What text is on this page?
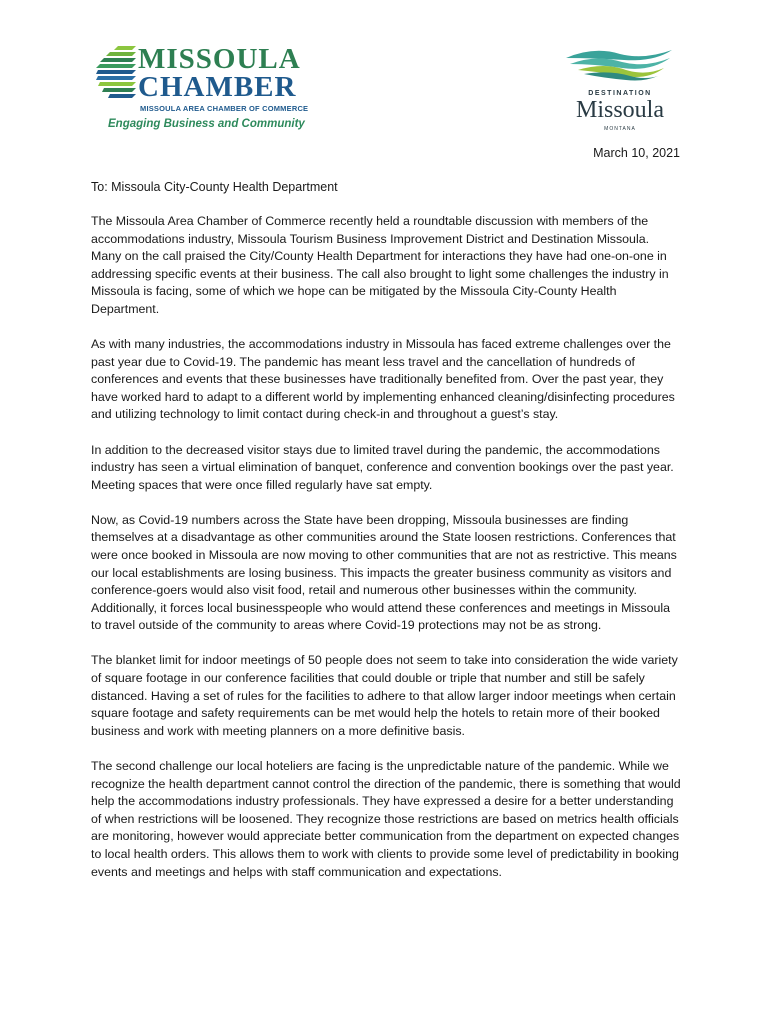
MISSOULA
CHAMBER
MISSOULA AREA CHAMBER OF COMMERCE
Engaging Business and Community
DESTINATION
Missoula
MONTANA
March 10, 2021
To: Missoula City-County Health Department

The Missoula Area Chamber of Commerce recently held a roundtable discussion with members of the accommodations industry, Missoula Tourism Business Improvement District and Destination Missoula. Many on the call praised the City/County Health Department for interactions they have had one-on-one in addressing specific events at their business. The call also brought to light some challenges the industry in Missoula is facing, some of which we hope can be mitigated by the Missoula City-County Health Department.

As with many industries, the accommodations industry in Missoula has faced extreme challenges over the past year due to Covid-19. The pandemic has meant less travel and the cancellation of hundreds of conferences and events that these businesses have traditionally benefited from. Over the past year, they have worked hard to adapt to a different world by implementing enhanced cleaning/disinfecting procedures and utilizing technology to limit contact during check-in and throughout a guest’s stay.

In addition to the decreased visitor stays due to limited travel during the pandemic, the accommodations industry has seen a virtual elimination of banquet, conference and convention bookings over the past year. Meeting spaces that were once filled regularly have sat empty.

Now, as Covid-19 numbers across the State have been dropping, Missoula businesses are finding themselves at a disadvantage as other communities around the State loosen restrictions. Conferences that were once booked in Missoula are now moving to other communities that are not as restrictive. This means our local establishments are losing business. This impacts the greater business community as visitors and conference-goers would also visit food, retail and numerous other businesses within the community. Additionally, it forces local businesspeople who would attend these conferences and meetings in Missoula to travel outside of the community to areas where Covid-19 protections may not be as strong.

The blanket limit for indoor meetings of 50 people does not seem to take into consideration the wide variety of square footage in our conference facilities that could double or triple that number and still be safely distanced. Having a set of rules for the facilities to adhere to that allow larger indoor meetings when certain square footage and safety requirements can be met would help the hotels to retain more of their booked business and work with meeting planners on a more definitive basis.

The second challenge our local hoteliers are facing is the unpredictable nature of the pandemic. While we recognize the health department cannot control the direction of the pandemic, there is something that would help the accommodations industry professionals. They have expressed a desire for a better understanding of when restrictions will be loosened. They recognize those restrictions are based on metrics health officials are monitoring, however would appreciate better communication from the department on expected changes to local health orders. This allows them to work with clients to provide some level of predictability in booking events and meetings and helps with staff communication and expectations.
